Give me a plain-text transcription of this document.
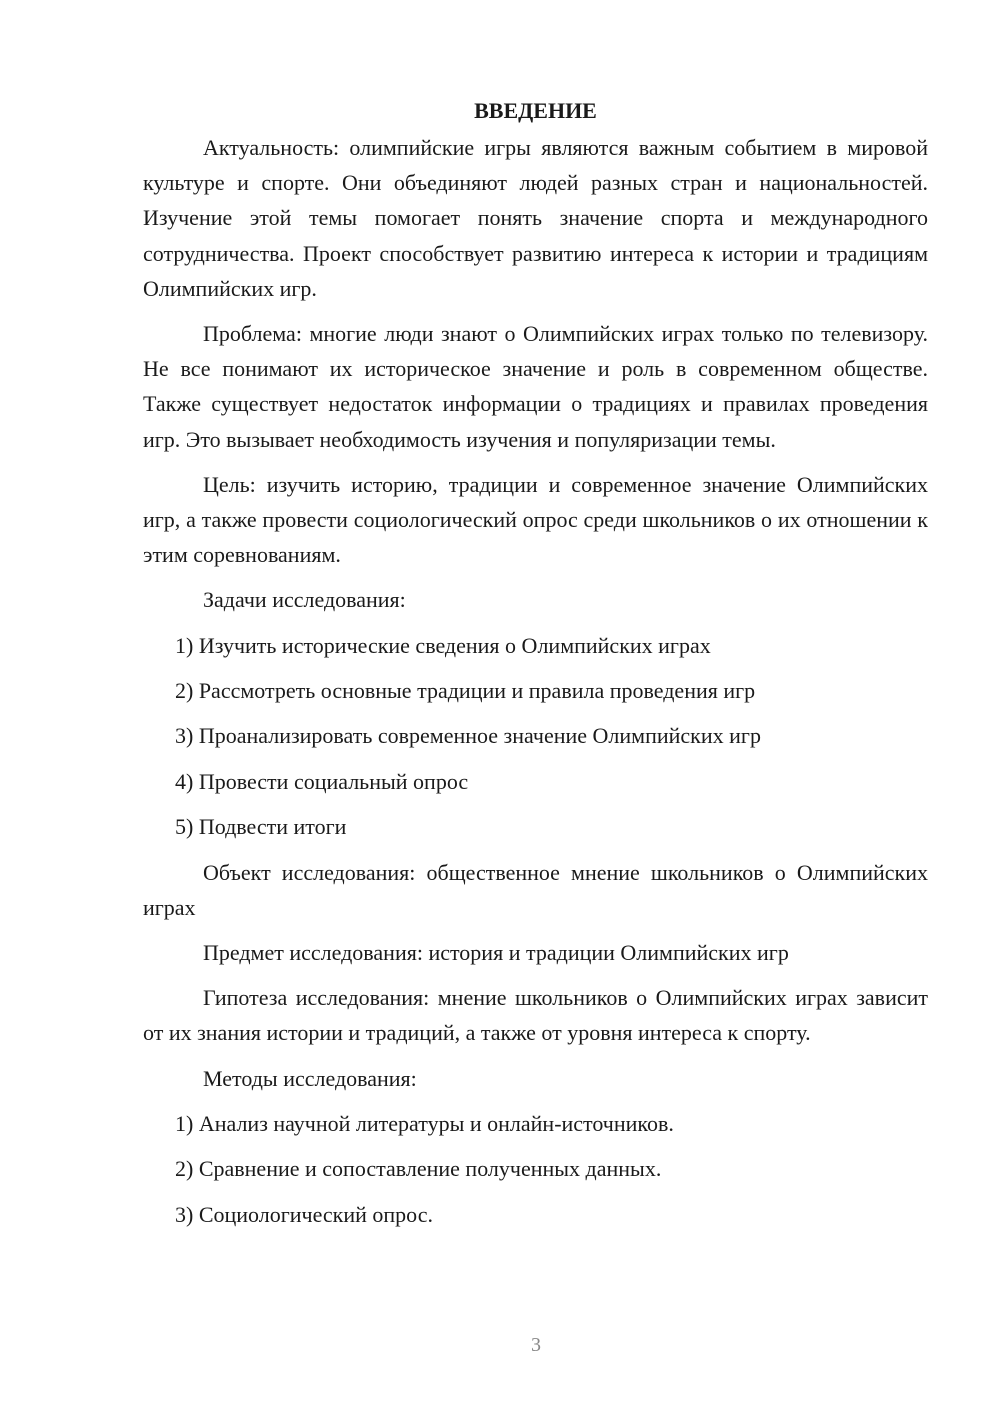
ВВЕДЕНИЕ

Актуальность: олимпийские игры являются важным событием в мировой культуре и спорте. Они объединяют людей разных стран и национальностей. Изучение этой темы помогает понять значение спорта и международного сотрудничества. Проект способствует развитию интереса к истории и традициям Олимпийских игр.

Проблема: многие люди знают о Олимпийских играх только по телевизору. Не все понимают их историческое значение и роль в современном обществе. Также существует недостаток информации о традициях и правилах проведения игр. Это вызывает необходимость изучения и популяризации темы.

Цель: изучить историю, традиции и современное значение Олимпийских игр, а также провести социологический опрос среди школьников о их отношении к этим соревнованиям.

Задачи исследования:

1) Изучить исторические сведения о Олимпийских играх
2) Рассмотреть основные традиции и правила проведения игр
3) Проанализировать современное значение Олимпийских игр
4) Провести социальный опрос
5) Подвести итоги

Объект исследования: общественное мнение школьников о Олимпийских играх

Предмет исследования: история и традиции Олимпийских игр

Гипотеза исследования: мнение школьников о Олимпийских играх зависит от их знания истории и традиций, а также от уровня интереса к спорту.

Методы исследования:

1) Анализ научной литературы и онлайн-источников.
2) Сравнение и сопоставление полученных данных.
3) Социологический опрос.
3
